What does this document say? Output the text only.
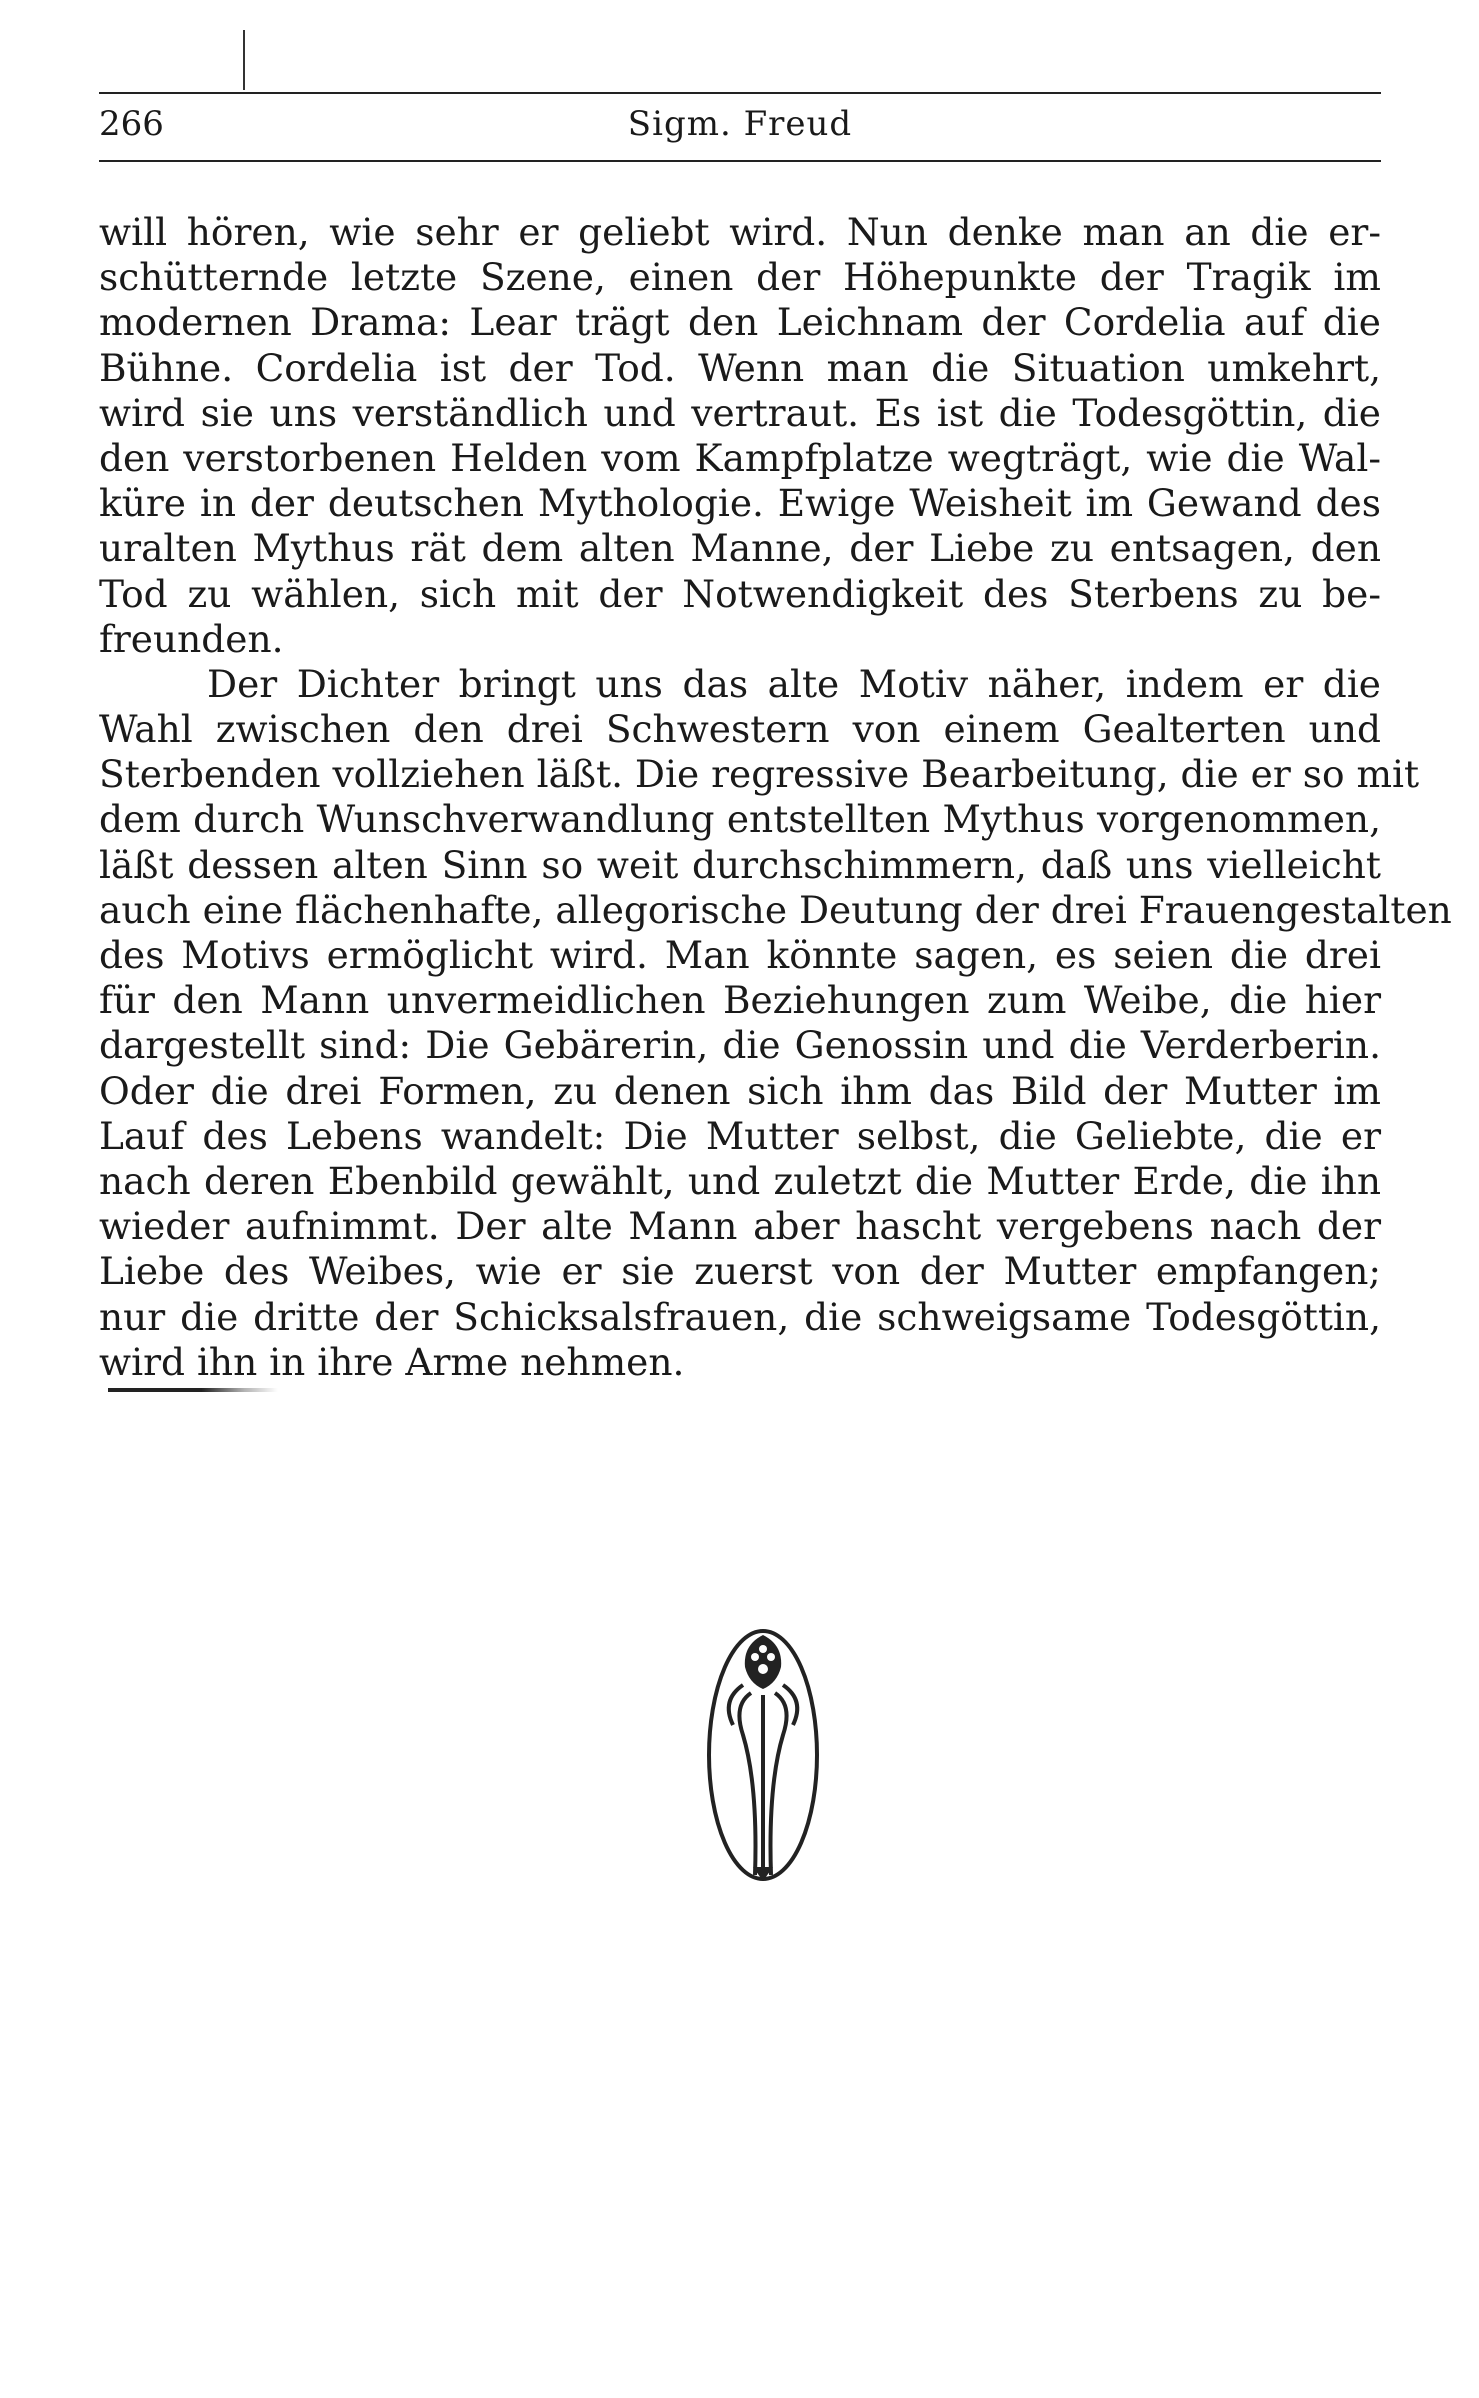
266	Sigm. Freud
will hören, wie sehr er geliebt wird. Nun denke man an die er-
schütternde letzte Szene, einen der Höhepunkte der Tragik im
modernen Drama: Lear trägt den Leichnam der Cordelia auf die
Bühne. Cordelia ist der Tod. Wenn man die Situation umkehrt,
wird sie uns verständlich und vertraut. Es ist die Todesgöttin, die
den verstorbenen Helden vom Kampfplatze wegträgt, wie die Wal-
küre in der deutschen Mythologie. Ewige Weisheit im Gewand des
uralten Mythus rät dem alten Manne, der Liebe zu entsagen, den
Tod zu wählen, sich mit der Notwendigkeit des Sterbens zu be-
freunden.
Der Dichter bringt uns das alte Motiv näher, indem er die
Wahl zwischen den drei Schwestern von einem Gealterten und
Sterbenden vollziehen läßt. Die regressive Bearbeitung, die er so mit
dem durch Wunschverwandlung entstellten Mythus vorgenommen,
läßt dessen alten Sinn so weit durchschimmern, daß uns vielleicht
auch eine flächenhafte, allegorische Deutung der drei Frauengestalten
des Motivs ermöglicht wird. Man könnte sagen, es seien die drei
für den Mann unvermeidlichen Beziehungen zum Weibe, die hier
dargestellt sind: Die Gebärerin, die Genossin und die Verderberin.
Oder die drei Formen, zu denen sich ihm das Bild der Mutter im
Lauf des Lebens wandelt: Die Mutter selbst, die Geliebte, die er
nach deren Ebenbild gewählt, und zuletzt die Mutter Erde, die ihn
wieder aufnimmt. Der alte Mann aber hascht vergebens nach der
Liebe des Weibes, wie er sie zuerst von der Mutter empfangen;
nur die dritte der Schicksalsfrauen, die schweigsame Todesgöttin,
wird ihn in ihre Arme nehmen.
